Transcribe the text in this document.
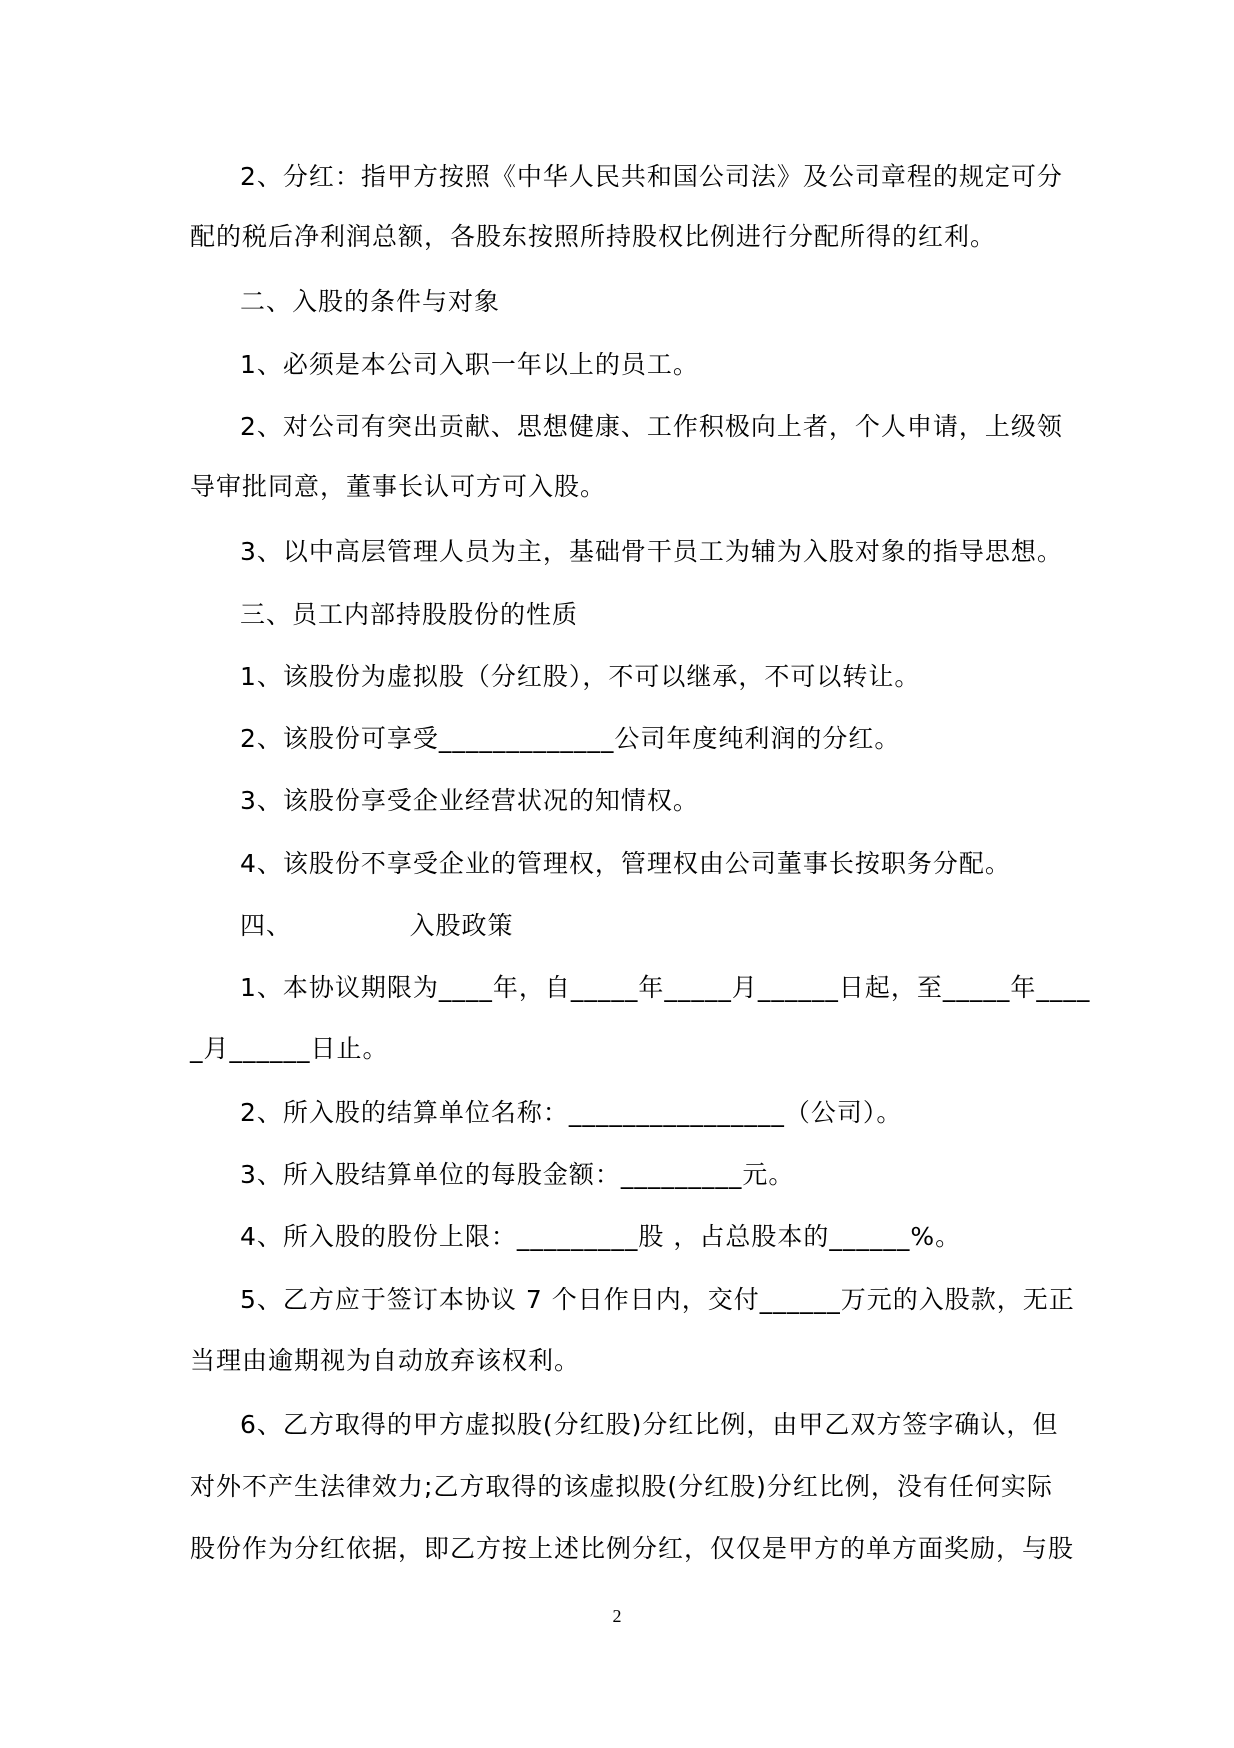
2、分红：指甲方按照《中华人民共和国公司法》及公司章程的规定可分
配的税后净利润总额，各股东按照所持股权比例进行分配所得的红利。
二、入股的条件与对象
1、必须是本公司入职一年以上的员工。
2、对公司有突出贡献、思想健康、工作积极向上者，个人申请，上级领
导审批同意，董事长认可方可入股。
3、以中高层管理人员为主，基础骨干员工为辅为入股对象的指导思想。
三、员工内部持股股份的性质
1、该股份为虚拟股（分红股），不可以继承，不可以转让。
2、该股份可享受_____________公司年度纯利润的分红。
3、该股份享受企业经营状况的知情权。
4、该股份不享受企业的管理权，管理权由公司董事长按职务分配。
四、　　　　　入股政策
1、本协议期限为____年，自_____年_____月______日起，至_____年____
_月______日止。
2、所入股的结算单位名称：________________（公司）。
3、所入股结算单位的每股金额：_________元。
4、所入股的股份上限：_________股 ，占总股本的______%。
5、乙方应于签订本协议 7 个日作日内，交付______万元的入股款，无正
当理由逾期视为自动放弃该权利。
6、乙方取得的甲方虚拟股(分红股)分红比例，由甲乙双方签字确认，但
对外不产生法律效力;乙方取得的该虚拟股(分红股)分红比例，没有任何实际
股份作为分红依据，即乙方按上述比例分红，仅仅是甲方的单方面奖励，与股
2
